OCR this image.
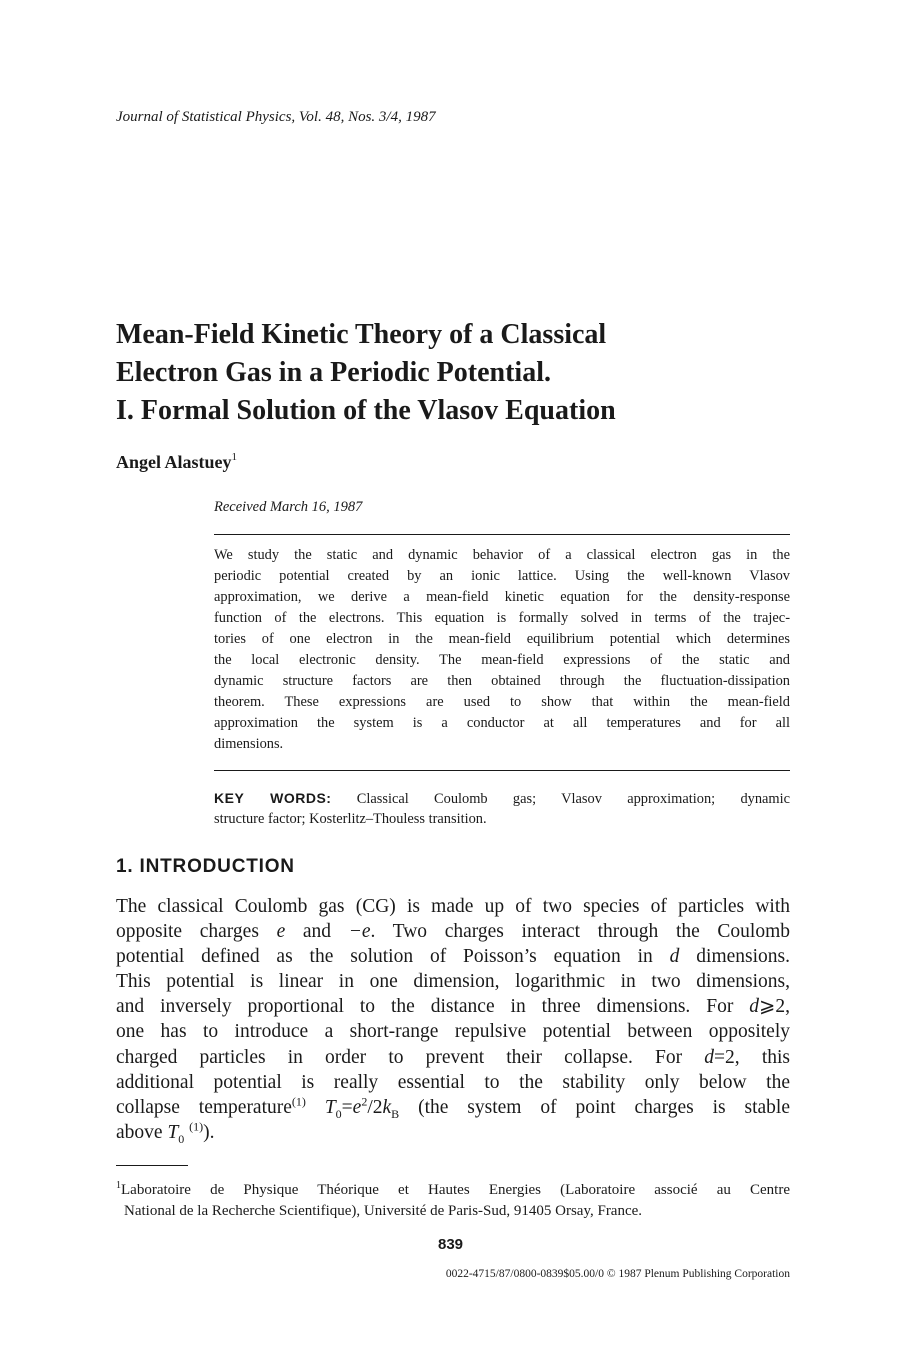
Journal of Statistical Physics, Vol. 48, Nos. 3/4, 1987
Mean-Field Kinetic Theory of a Classical
Electron Gas in a Periodic Potential.
I. Formal Solution of the Vlasov Equation
Angel Alastuey$^1$
Received March 16, 1987
We study the static and dynamic behavior of a classical electron gas in the
periodic potential created by an ionic lattice. Using the well-known Vlasov
approximation, we derive a mean-field kinetic equation for the density-response
function of the electrons. This equation is formally solved in terms of the trajec-
tories of one electron in the mean-field equilibrium potential which determines
the local electronic density. The mean-field expressions of the static and
dynamic structure factors are then obtained through the fluctuation-dissipation
theorem. These expressions are used to show that within the mean-field
approximation the system is a conductor at all temperatures and for all
dimensions.
KEY WORDS: Classical Coulomb gas; Vlasov approximation; dynamic
structure factor; Kosterlitz–Thouless transition.
1. INTRODUCTION
The classical Coulomb gas (CG) is made up of two species of particles with
opposite charges e and −e. Two charges interact through the Coulomb
potential defined as the solution of Poisson’s equation in d dimensions.
This potential is linear in one dimension, logarithmic in two dimensions,
and inversely proportional to the distance in three dimensions. For d⩾2,
one has to introduce a short-range repulsive potential between oppositely
charged particles in order to prevent their collapse. For d=2, this
additional potential is really essential to the stability only below the
collapse temperature$^{(1)}$ $T_0=e^2/2k_B$ (the system of point charges is stable
above $T_0$ $^{(1)}$).
$^1$Laboratoire de Physique Théorique et Hautes Energies (Laboratoire associé au Centre
National de la Recherche Scientifique), Université de Paris-Sud, 91405 Orsay, France.
839
0022-4715/87/0800-0839$05.00/0 © 1987 Plenum Publishing Corporation
